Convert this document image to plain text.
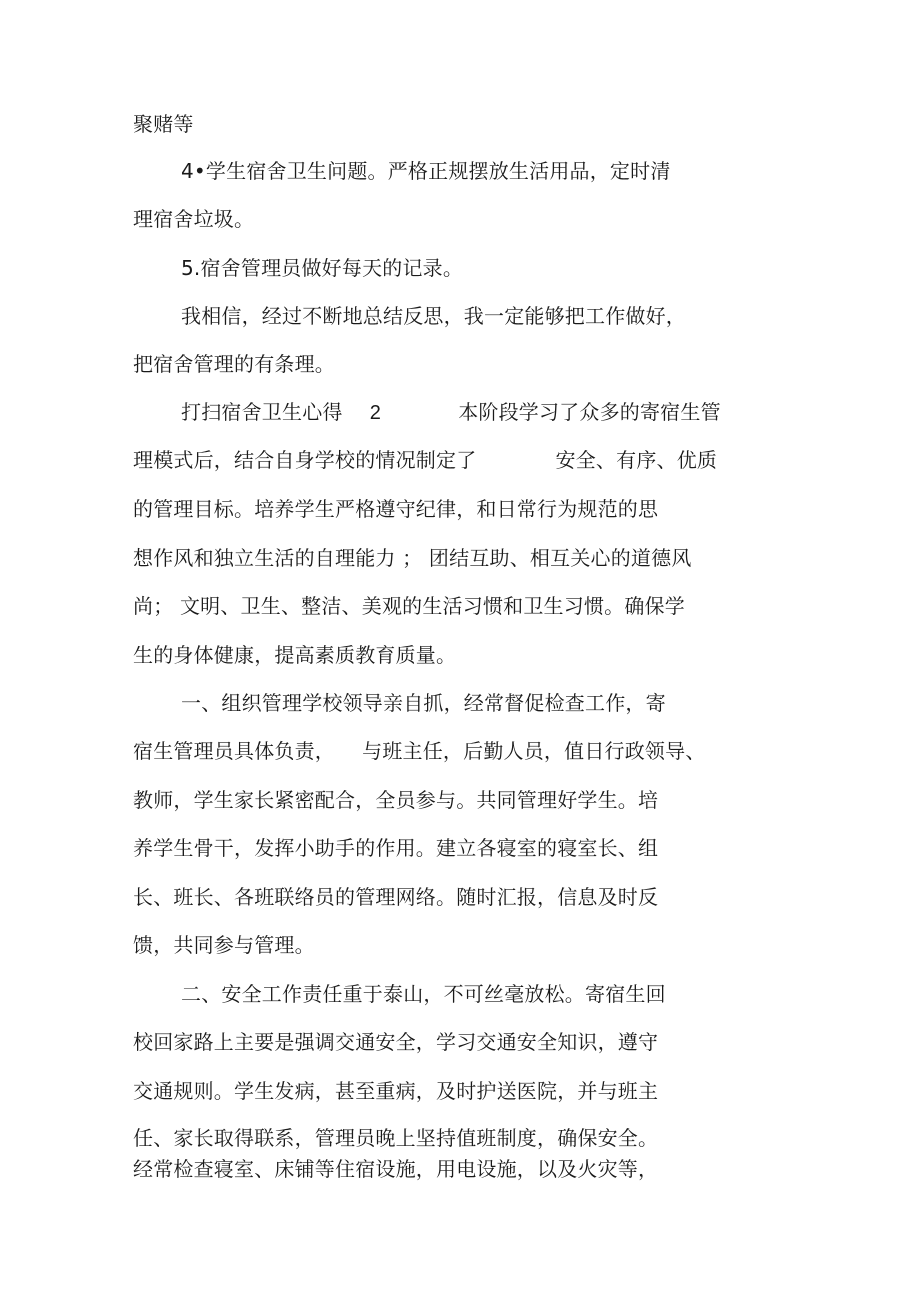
聚赌等
4•学生宿舍卫生问题。严格正规摆放生活用品，定时清
理宿舍垃圾。
5.宿舍管理员做好每天的记录。
我相信，经过不断地总结反思，我一定能够把工作做好，
把宿舍管理的有条理。
打扫宿舍卫生心得 2	本阶段学习了众多的寄宿生管
理模式后，结合自身学校的情况制定了	安全、有序、优质
的管理目标。培养学生严格遵守纪律，和日常行为规范的思
想作风和独立生活的自理能力 ； 团结互助、相互关心的道德风
尚； 文明、卫生、整洁、美观的生活习惯和卫生习惯。确保学
生的身体健康，提高素质教育质量。
一、组织管理学校领导亲自抓，经常督促检查工作，寄
宿生管理员具体负责， 与班主任，后勤人员，值日行政领导、
教师，学生家长紧密配合，全员参与。共同管理好学生。培
养学生骨干，发挥小助手的作用。建立各寝室的寝室长、组
长、班长、各班联络员的管理网络。随时汇报，信息及时反
馈，共同参与管理。
二、安全工作责任重于泰山，不可丝毫放松。寄宿生回
校回家路上主要是强调交通安全，学习交通安全知识，遵守
交通规则。学生发病，甚至重病，及时护送医院，并与班主
任、家长取得联系，管理员晚上坚持值班制度，确保安全。
经常检查寝室、床铺等住宿设施，用电设施，以及火灾等，
